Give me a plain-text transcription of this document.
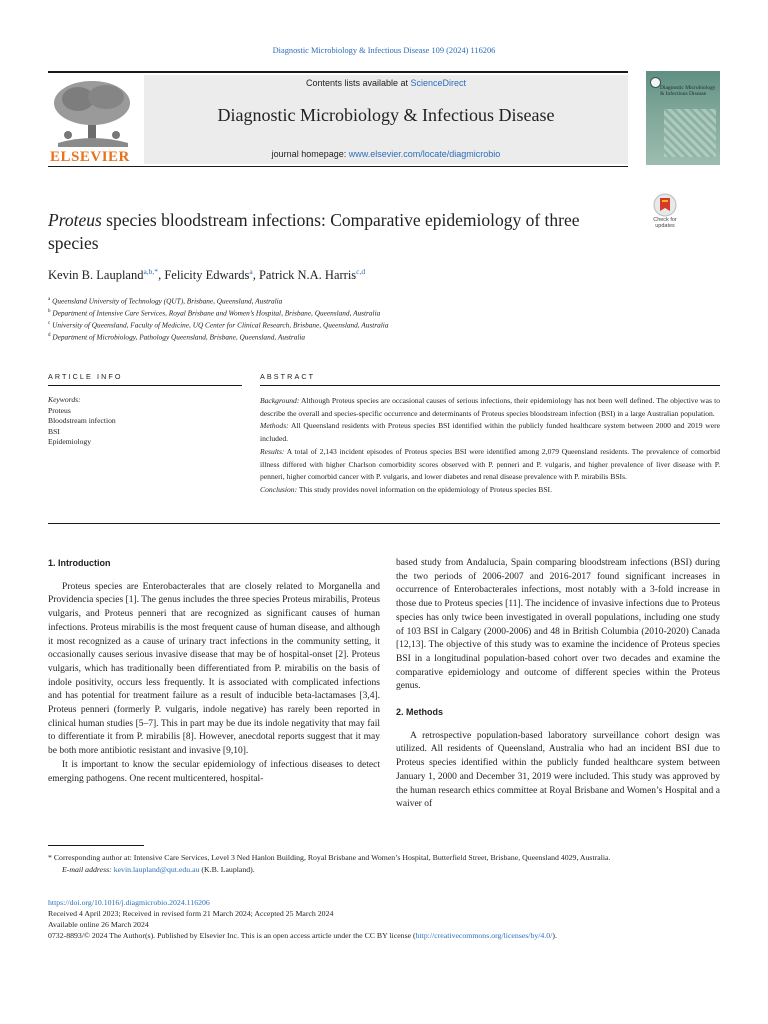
Diagnostic Microbiology & Infectious Disease 109 (2024) 116206
ELSEVIER
Contents lists available at ScienceDirect
Diagnostic Microbiology & Infectious Disease
journal homepage: www.elsevier.com/locate/diagmicrobio
Diagnostic Microbiology & Infectious Disease
Check for updates
Proteus species bloodstream infections: Comparative epidemiology of three species
Kevin B. Laupland$^{a,b,*}$, Felicity Edwards$^a$, Patrick N.A. Harris$^{c,d}$
$^a$ Queensland University of Technology (QUT), Brisbane, Queensland, Australia
$^b$ Department of Intensive Care Services, Royal Brisbane and Women’s Hospital, Brisbane, Queensland, Australia
$^c$ University of Queensland, Faculty of Medicine, UQ Center for Clinical Research, Brisbane, Queensland, Australia
$^d$ Department of Microbiology, Pathology Queensland, Brisbane, Queensland, Australia
ARTICLE INFO	ABSTRACT
Keywords:
Proteus
Bloodstream infection
BSI
Epidemiology

Background: Although Proteus species are occasional causes of serious infections, their epidemiology has not been well defined. The objective was to describe the overall and species-specific occurrence and determinants of Proteus species bloodstream infection (BSI) in a large Australian population.

Methods: All Queensland residents with Proteus species BSI identified within the publicly funded healthcare system between 2000 and 2019 were included.

Results: A total of 2,143 incident episodes of Proteus species BSI were identified among 2,079 Queensland residents. The prevalence of comorbid illness differed with higher Charlson comorbidity scores observed with P. penneri and P. vulgaris, and higher prevalence of liver disease with P. penneri, higher comorbid cancer with P. vulgaris, and lower diabetes and renal disease prevalence with P. mirabilis BSIs.

Conclusion: This study provides novel information on the epidemiology of Proteus species BSI.

1. Introduction

Proteus species are Enterobacterales that are closely related to Morganella and Providencia species [1]. The genus includes the three species Proteus mirabilis, Proteus vulgaris, and Proteus penneri that are recognized as significant causes of human infections. Proteus mirabilis is the most frequent cause of human disease, and although it most recognized as a cause of urinary tract infections in the community setting, it occasionally causes serious invasive disease that may be of hospital-onset [2]. Proteus vulgaris, which has traditionally been differentiated from P. mirabilis on the basis of indole positivity, occurs less frequently. It is associated with complicated infections and has potential for treatment failure as a result of inducible beta-lactamases [3,4]. Proteus penneri (formerly P. vulgaris, indole negative) has rarely been reported in clinical human studies [5–7]. This in part may be due its indole negativity that may fail to differentiate it from P. mirabilis [8]. However, anecdotal reports suggest that it may be both more antibiotic resistant and invasive [9,10].

It is important to know the secular epidemiology of infectious diseases to detect emerging pathogens. One recent multicentered, hospital-

based study from Andalucia, Spain comparing bloodstream infections (BSI) during the two periods of 2006-2007 and 2016-2017 found significant increases in occurrence of Enterobacterales infections, most notably with a 3-fold increase in those due to Proteus species [11]. The incidence of invasive infections due to Proteus species has only twice been investigated in overall populations, including one study of 103 BSI in Calgary (2000-2006) and 48 in British Columbia (2010-2020) Canada [12,13]. The objective of this study was to examine the incidence of Proteus species BSI in a longitudinal population-based cohort over two decades and examine the comparative epidemiology and outcome of different species within the Proteus genus.

2. Methods

A retrospective population-based laboratory surveillance cohort design was utilized. All residents of Queensland, Australia who had an incident BSI due to Proteus species identified within the publicly funded healthcare system between January 1, 2000 and December 31, 2019 were included. This study was approved by the human research ethics committee at Royal Brisbane and Women’s Hospital and a waiver of

* Corresponding author at: Intensive Care Services, Level 3 Ned Hanlon Building, Royal Brisbane and Women’s Hospital, Butterfield Street, Brisbane, Queensland 4029, Australia.

E-mail address: kevin.laupland@qut.edu.au (K.B. Laupland).

https://doi.org/10.1016/j.diagmicrobio.2024.116206

Received 4 April 2023; Received in revised form 21 March 2024; Accepted 25 March 2024

Available online 26 March 2024

0732-8893/© 2024 The Author(s). Published by Elsevier Inc. This is an open access article under the CC BY license (http://creativecommons.org/licenses/by/4.0/).
